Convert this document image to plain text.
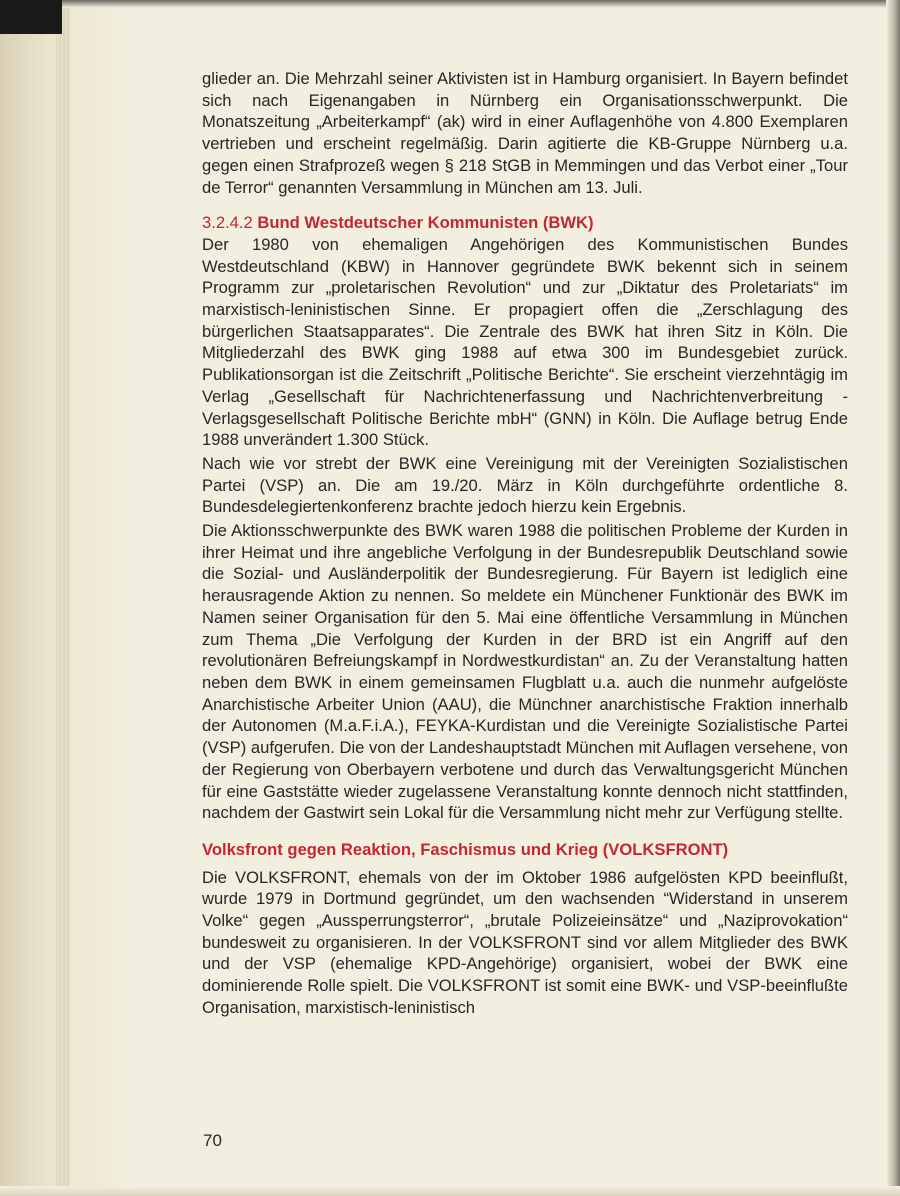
glieder an. Die Mehrzahl seiner Aktivisten ist in Hamburg organisiert. In Bayern befindet sich nach Eigenangaben in Nürnberg ein Organisationsschwerpunkt. Die Monatszeitung „Arbeiterkampf“ (ak) wird in einer Auflagenhöhe von 4.800 Exemplaren vertrieben und erscheint regelmäßig. Darin agitierte die KB-Gruppe Nürnberg u.a. gegen einen Strafprozeß wegen § 218 StGB in Memmingen und das Verbot einer „Tour de Terror“ genannten Versammlung in München am 13. Juli.

3.2.4.2 Bund Westdeutscher Kommunisten (BWK)

Der 1980 von ehemaligen Angehörigen des Kommunistischen Bundes Westdeutschland (KBW) in Hannover gegründete BWK bekennt sich in seinem Programm zur „proletarischen Revolution“ und zur „Diktatur des Proletariats“ im marxistisch-leninistischen Sinne. Er propagiert offen die „Zerschlagung des bürgerlichen Staatsapparates“. Die Zentrale des BWK hat ihren Sitz in Köln. Die Mitgliederzahl des BWK ging 1988 auf etwa 300 im Bundesgebiet zurück. Publikationsorgan ist die Zeitschrift „Politische Berichte“. Sie erscheint vierzehntägig im Verlag „Gesellschaft für Nachrichtenerfassung und Nachrichtenverbreitung - Verlagsgesellschaft Politische Berichte mbH“ (GNN) in Köln. Die Auflage betrug Ende 1988 unverändert 1.300 Stück.

Nach wie vor strebt der BWK eine Vereinigung mit der Vereinigten Sozialistischen Partei (VSP) an. Die am 19./20. März in Köln durchgeführte ordentliche 8. Bundesdelegiertenkonferenz brachte jedoch hierzu kein Ergebnis.

Die Aktionsschwerpunkte des BWK waren 1988 die politischen Probleme der Kurden in ihrer Heimat und ihre angebliche Verfolgung in der Bundesrepublik Deutschland sowie die Sozial- und Ausländerpolitik der Bundesregierung. Für Bayern ist lediglich eine herausragende Aktion zu nennen. So meldete ein Münchener Funktionär des BWK im Namen seiner Organisation für den 5. Mai eine öffentliche Versammlung in München zum Thema „Die Verfolgung der Kurden in der BRD ist ein Angriff auf den revolutionären Befreiungskampf in Nordwestkurdistan“ an. Zu der Veranstaltung hatten neben dem BWK in einem gemeinsamen Flugblatt u.a. auch die nunmehr aufgelöste Anarchistische Arbeiter Union (AAU), die Münchner anarchistische Fraktion innerhalb der Autonomen (M.a.F.i.A.), FEYKA-Kurdistan und die Vereinigte Sozialistische Partei (VSP) aufgerufen. Die von der Landeshauptstadt München mit Auflagen versehene, von der Regierung von Oberbayern verbotene und durch das Verwaltungsgericht München für eine Gaststätte wieder zugelassene Veranstaltung konnte dennoch nicht stattfinden, nachdem der Gastwirt sein Lokal für die Versammlung nicht mehr zur Verfügung stellte.

Volksfront gegen Reaktion, Faschismus und Krieg (VOLKSFRONT)

Die VOLKSFRONT, ehemals von der im Oktober 1986 aufgelösten KPD beeinflußt, wurde 1979 in Dortmund gegründet, um den wachsenden “Widerstand in unserem Volke“ gegen „Aussperrungsterror“, „brutale Polizeieinsätze“ und „Naziprovokation“ bundesweit zu organisieren. In der VOLKSFRONT sind vor allem Mitglieder des BWK und der VSP (ehemalige KPD-Angehörige) organisiert, wobei der BWK eine dominierende Rolle spielt. Die VOLKSFRONT ist somit eine BWK- und VSP-beeinflußte Organisation, marxistisch-leninistisch

70
